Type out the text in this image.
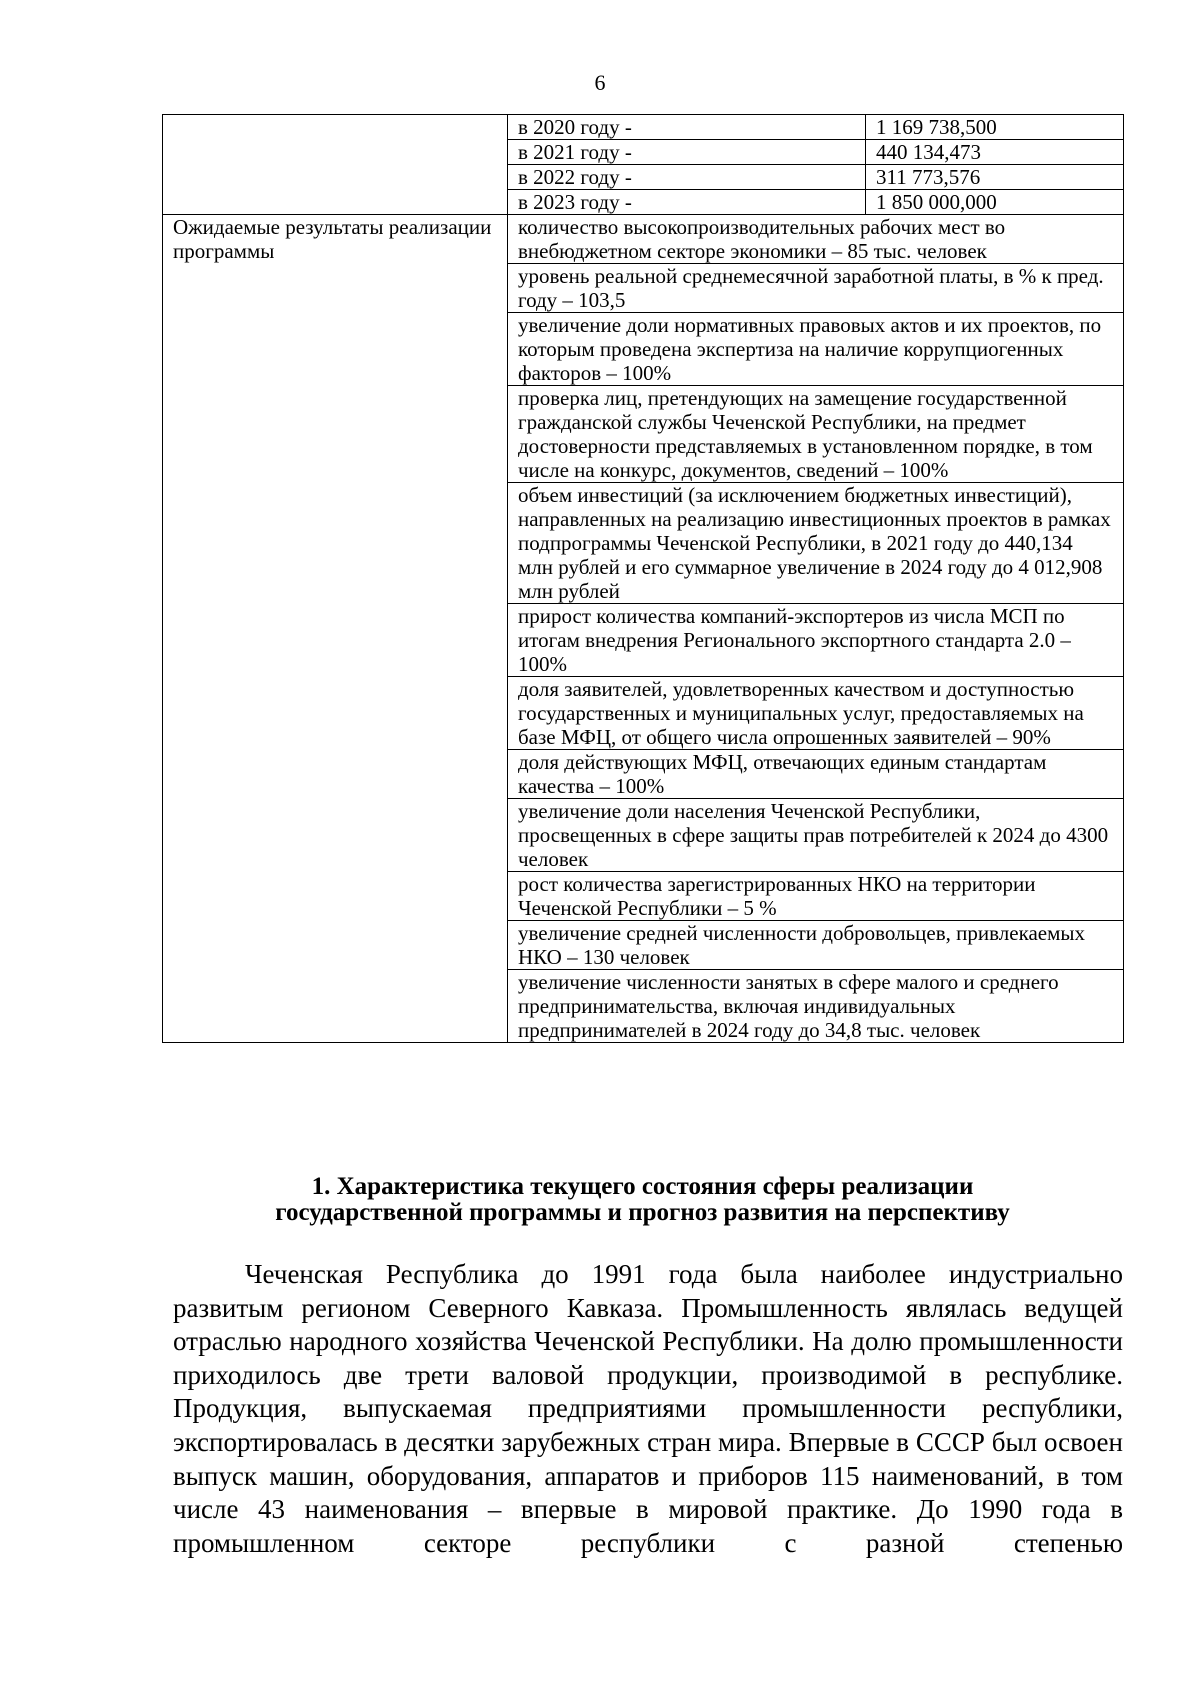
6
	в 2020 году -	1 169 738,500
	в 2021 году -	440 134,473
	в 2022 году -	311 773,576
	в 2023 году -	1 850 000,000
Ожидаемые результаты реализации программы	количество высокопроизводительных рабочих мест во внебюджетном секторе экономики – 85 тыс. человек	
	уровень реальной среднемесячной заработной платы, в % к пред. году – 103,5	
	увеличение доли нормативных правовых актов и их проектов, по которым проведена экспертиза на наличие коррупциогенных факторов – 100%	
	проверка лиц, претендующих на замещение государственной гражданской службы Чеченской Республики, на предмет достоверности представляемых в установленном порядке, в том числе на конкурс, документов, сведений – 100%	
	объем инвестиций (за исключением бюджетных инвестиций), направленных на реализацию инвестиционных проектов в рамках подпрограммы Чеченской Республики, в 2021 году до 440,134 млн рублей и его суммарное увеличение в 2024 году до 4 012,908 млн рублей	
	прирост количества компаний-экспортеров из числа МСП по итогам внедрения Регионального экспортного стандарта 2.0 –100%	
	доля заявителей, удовлетворенных качеством и доступностью государственных и муниципальных услуг, предоставляемых на базе МФЦ, от общего числа опрошенных заявителей – 90%	
	доля действующих МФЦ, отвечающих единым стандартам качества – 100%	
	увеличение доли населения Чеченской Республики, просвещенных в сфере защиты прав потребителей к 2024 до 4300 человек	
	рост количества зарегистрированных НКО на территории Чеченской Республики – 5 %	
	увеличение средней численности добровольцев, привлекаемых НКО – 130 человек	
	увеличение численности занятых в сфере малого и среднего предпринимательства, включая индивидуальных предпринимателей в 2024 году до 34,8 тыс. человек	
1. Характеристика текущего состояния сферы реализации
государственной программы и прогноз развития на перспективу

Чеченская Республика до 1991 года была наиболее индустриально развитым регионом Северного Кавказа. Промышленность являлась ведущей отраслью народного хозяйства Чеченской Республики. На долю промышленности приходилось две трети валовой продукции, производимой в республике. Продукция, выпускаемая предприятиями промышленности республики, экспортировалась в десятки зарубежных стран мира. Впервые в СССР был освоен выпуск машин, оборудования, аппаратов и приборов 115 наименований, в том числе 43 наименования – впервые в мировой практике. До 1990 года в промышленном секторе республики с разной степенью
